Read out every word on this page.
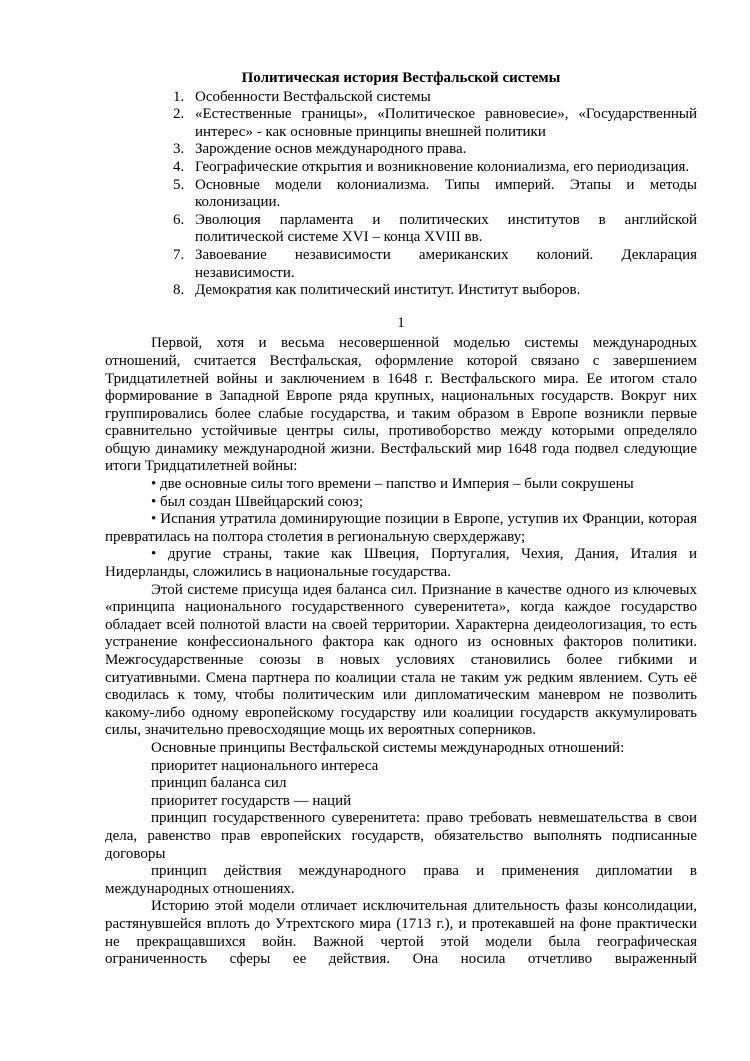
Политическая история Вестфальской системы
1. Особенности Вестфальской системы
2. «Естественные границы», «Политическое равновесие», «Государственный интерес» - как основные принципы внешней политики
3. Зарождение основ международного права.
4. Географические открытия и возникновение колониализма, его периодизация.
5. Основные модели колониализма. Типы империй. Этапы и методы колонизации.
6. Эволюция парламента и политических институтов в английской политической системе XVI – конца XVIII вв.
7. Завоевание независимости американских колоний. Декларация независимости.
8. Демократия как политический институт. Институт выборов.
1

Первой, хотя и весьма несовершенной моделью системы международных отношений, считается Вестфальская, оформление которой связано с завершением Тридцатилетней войны и заключением в 1648 г. Вестфальского мира. Ее итогом стало формирование в Западной Европе ряда крупных, национальных государств. Вокруг них группировались более слабые государства, и таким образом в Европе возникли первые сравнительно устойчивые центры силы, противоборство между которыми определяло общую динамику международной жизни. Вестфальский мир 1648 года подвел следующие итоги Тридцатилетней войны:

• две основные силы того времени – папство и Империя – были сокрушены

• был создан Швейцарский союз;

• Испания утратила доминирующие позиции в Европе, уступив их Франции, которая превратилась на полтора столетия в региональную сверхдержаву;

• другие страны, такие как Швеция, Португалия, Чехия, Дания, Италия и Нидерланды, сложились в национальные государства.

Этой системе присуща идея баланса сил. Признание в качестве одного из ключевых «принципа национального государственного суверенитета», когда каждое государство обладает всей полнотой власти на своей территории. Характерна деидеологизация, то есть устранение конфессионального фактора как одного из основных факторов политики. Межгосударственные союзы в новых условиях становились более гибкими и ситуативными. Смена партнера по коалиции стала не таким уж редким явлением. Суть её сводилась к тому, чтобы политическим или дипломатическим маневром не позволить какому-либо одному европейскому государству или коалиции государств аккумулировать силы, значительно превосходящие мощь их вероятных соперников.

Основные принципы Вестфальской системы международных отношений:

приоритет национального интереса

принцип баланса сил

приоритет государств — наций

принцип государственного суверенитета: право требовать невмешательства в свои дела, равенство прав европейских государств, обязательство выполнять подписанные договоры

принцип действия международного права и применения дипломатии в международных отношениях.

Историю этой модели отличает исключительная длительность фазы консолидации, растянувшейся вплоть до Утрехтского мира (1713 г.), и протекавшей на фоне практически не прекращавшихся войн. Важной чертой этой модели была географическая ограниченность сферы ее действия. Она носила отчетливо выраженный
